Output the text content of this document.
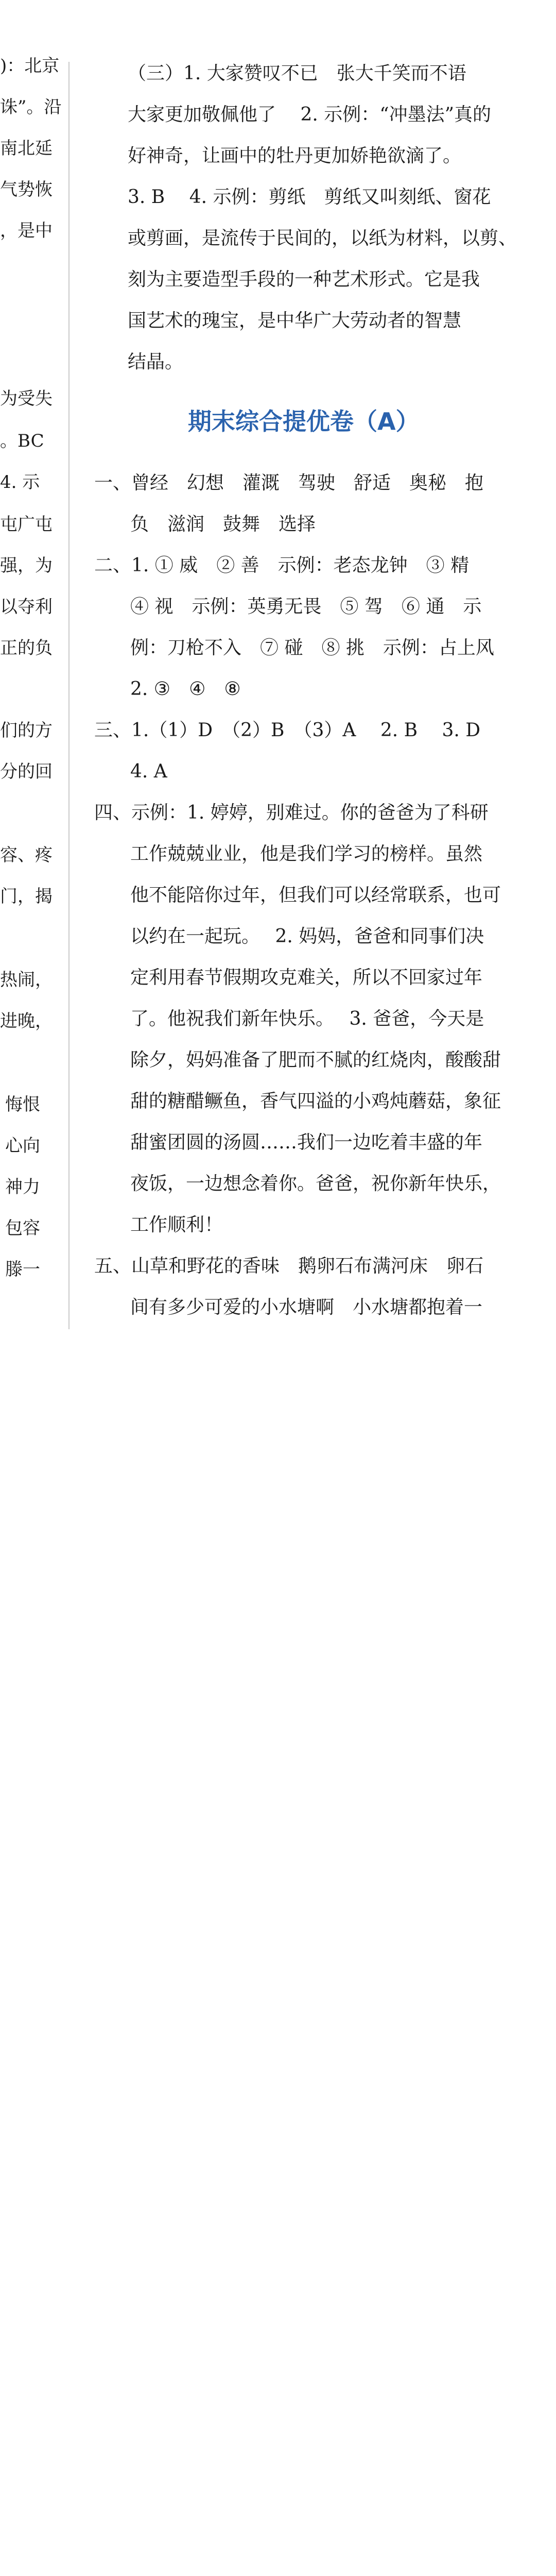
)：北京
诛”。沿
南北延
气势恢
，是中
为受失
。BC
4. 示
屯广屯
强，为
以夺利
正的负
们的方
分的回
容、疼
门，揭
热闹，
进晚，
悔恨
心向
神力
包容
滕一
（三）1. 大家赞叹不已　张大千笑而不语
大家更加敬佩他了　 2. 示例：“冲墨法”真的
好神奇，让画中的牡丹更加娇艳欲滴了。
3. B　 4. 示例：剪纸　剪纸又叫刻纸、窗花
或剪画，是流传于民间的，以纸为材料，以剪、
刻为主要造型手段的一种艺术形式。它是我
国艺术的瑰宝，是中华广大劳动者的智慧
结晶。
期末综合提优卷（A）
一、曾经　幻想　灌溉　驾驶　舒适　奥秘　抱
负　滋润　鼓舞　选择
二、1. ① 威　② 善　示例：老态龙钟　③ 精
④ 视　示例：英勇无畏　⑤ 驾　⑥ 通　示
例：刀枪不入　⑦ 碰　⑧ 挑　示例：占上风
2. ③　④　⑧
三、1.（1）D　（2）B　（3）A　 2. B　 3. D
4. A
四、示例：1. 婷婷，别难过。你的爸爸为了科研
工作兢兢业业，他是我们学习的榜样。虽然
他不能陪你过年，但我们可以经常联系，也可
以约在一起玩。　 2. 妈妈，爸爸和同事们决
定利用春节假期攻克难关，所以不回家过年
了。他祝我们新年快乐。　 3. 爸爸，今天是
除夕，妈妈准备了肥而不腻的红烧肉，酸酸甜
甜的糖醋鳜鱼，香气四溢的小鸡炖蘑菇，象征
甜蜜团圆的汤圆……我们一边吃着丰盛的年
夜饭，一边想念着你。爸爸，祝你新年快乐，
工作顺利！
五、山草和野花的香味　鹅卵石布满河床　卵石
间有多少可爱的小水塘啊　小水塘都抱着一
